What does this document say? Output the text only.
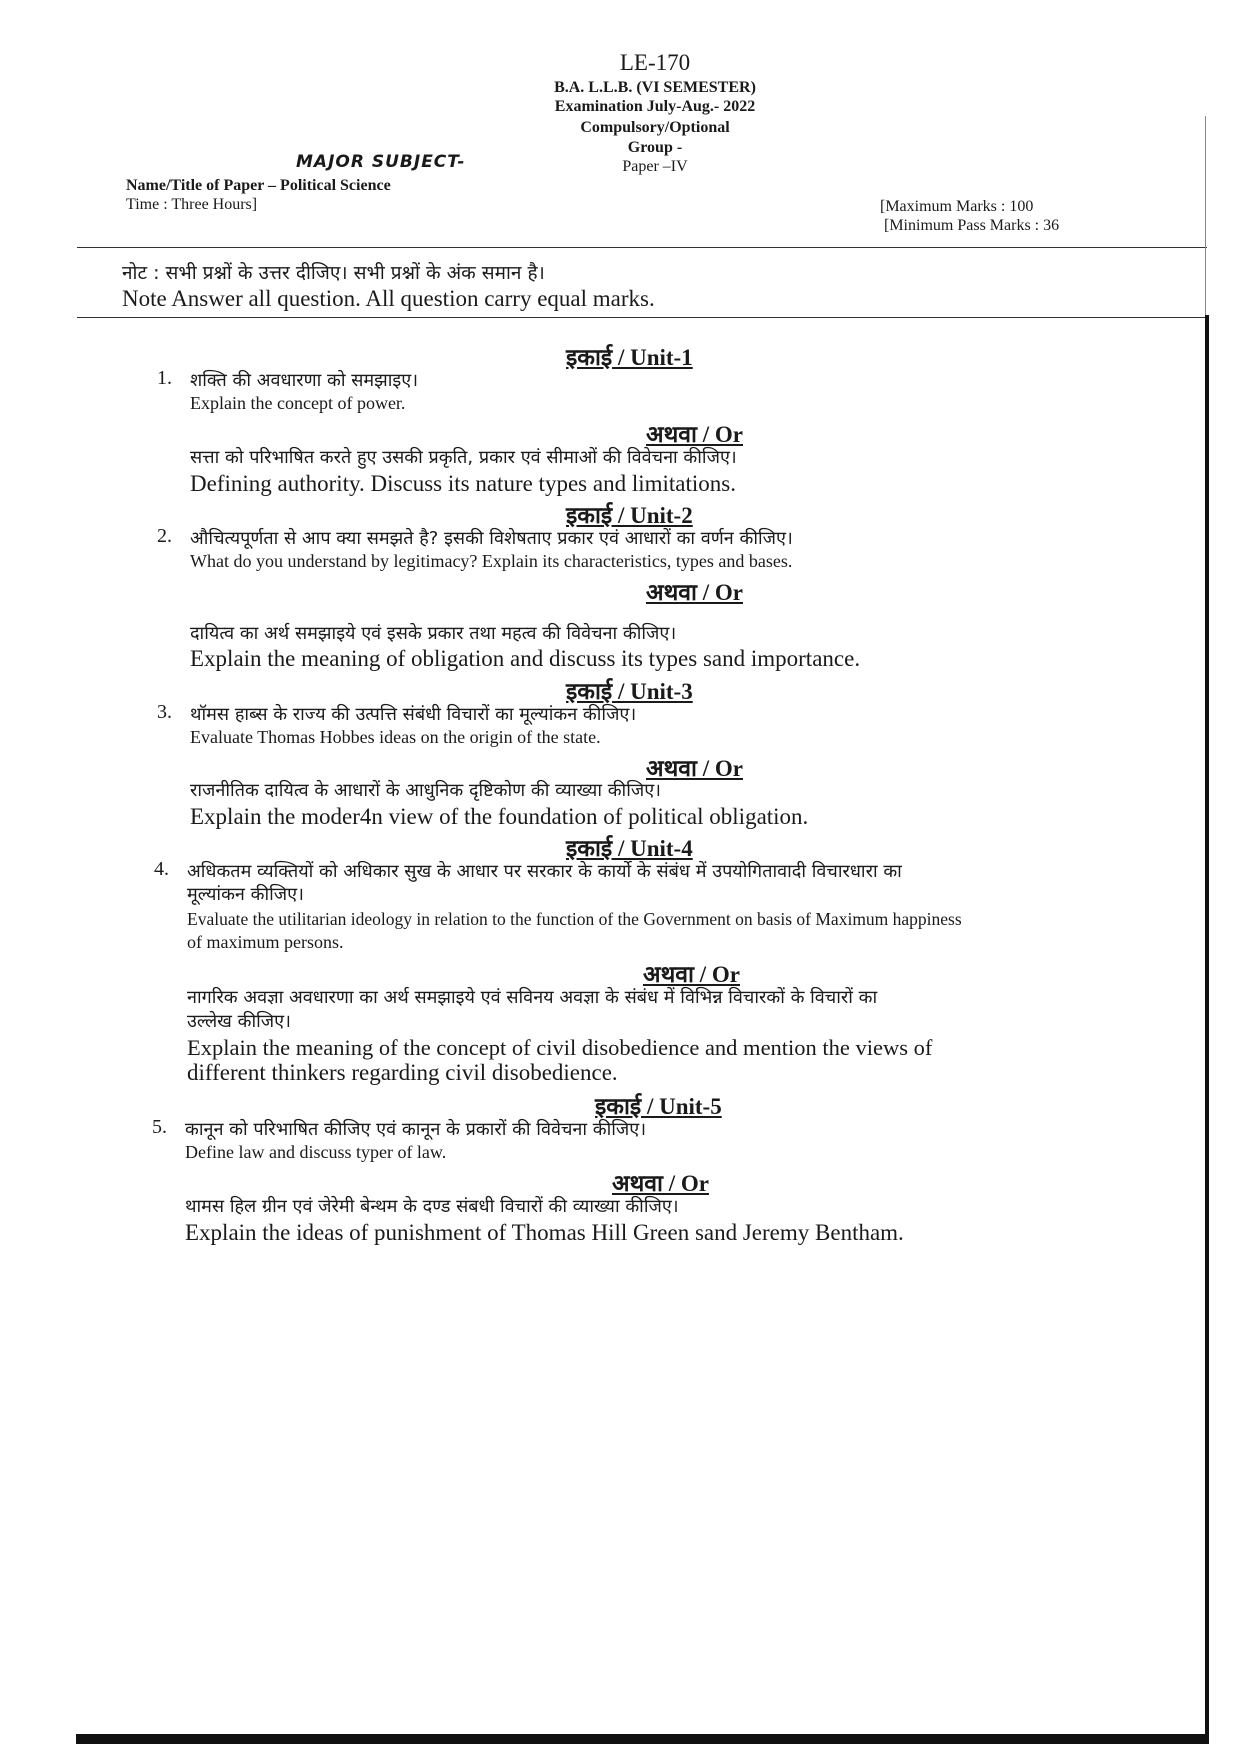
LE-170
B.A. L.L.B. (VI SEMESTER)
Examination July-Aug.- 2022
Compulsory/Optional
Group -
Paper –IV
MAJOR SUBJECT-
Name/Title of Paper – Political Science
Time : Three Hours]	[Maximum Marks : 100
[Minimum Pass Marks : 36
नोट : सभी प्रश्नों के उत्तर दीजिए। सभी प्रश्नों के अंक समान है।
Note Answer all question. All question carry equal marks.
इकाई / Unit-1
1. शक्ति की अवधारणा को समझाइए।
Explain the concept of power.
अथवा / Or
सत्ता को परिभाषित करते हुए उसकी प्रकृति, प्रकार एवं सीमाओं की विवेचना कीजिए।
Defining authority. Discuss its nature types and limitations.
इकाई / Unit-2
2. औचित्यपूर्णता से आप क्या समझते है? इसकी विशेषताए प्रकार एवं आधारों का वर्णन कीजिए।
What do you understand by legitimacy? Explain its characteristics, types and bases.
अथवा / Or
दायित्व का अर्थ समझाइये एवं इसके प्रकार तथा महत्व की विवेचना कीजिए।
Explain the meaning of obligation and discuss its types sand importance.
इकाई / Unit-3
3. थॉमस हाब्स के राज्य की उत्पत्ति संबंधी विचारों का मूल्यांकन कीजिए।
Evaluate Thomas Hobbes ideas on the origin of the state.
अथवा / Or
राजनीतिक दायित्व के आधारों के आधुनिक दृष्टिकोण की व्याख्या कीजिए।
Explain the moder4n view of the foundation of political obligation.
इकाई / Unit-4
4. अधिकतम व्यक्तियों को अधिकार सुख के आधार पर सरकार के कार्यो के संबंध में उपयोगितावादी विचारधारा का
मूल्यांकन कीजिए।
Evaluate the utilitarian ideology in relation to the function of the Government on basis of Maximum happiness
of maximum persons.
अथवा / Or
नागरिक अवज्ञा अवधारणा का अर्थ समझाइये एवं सविनय अवज्ञा के संबंध में विभिन्न विचारकों के विचारों का
उल्लेख कीजिए।
Explain the meaning of the concept of civil disobedience and mention the views of
different thinkers regarding civil disobedience.
इकाई / Unit-5
5. कानून को परिभाषित कीजिए एवं कानून के प्रकारों की विवेचना कीजिए।
Define law and discuss typer of law.
अथवा / Or
थामस हिल ग्रीन एवं जेरेमी बेन्थम के दण्ड संबधी विचारों की व्याख्या कीजिए।
Explain the ideas of punishment of Thomas Hill Green sand Jeremy Bentham.
